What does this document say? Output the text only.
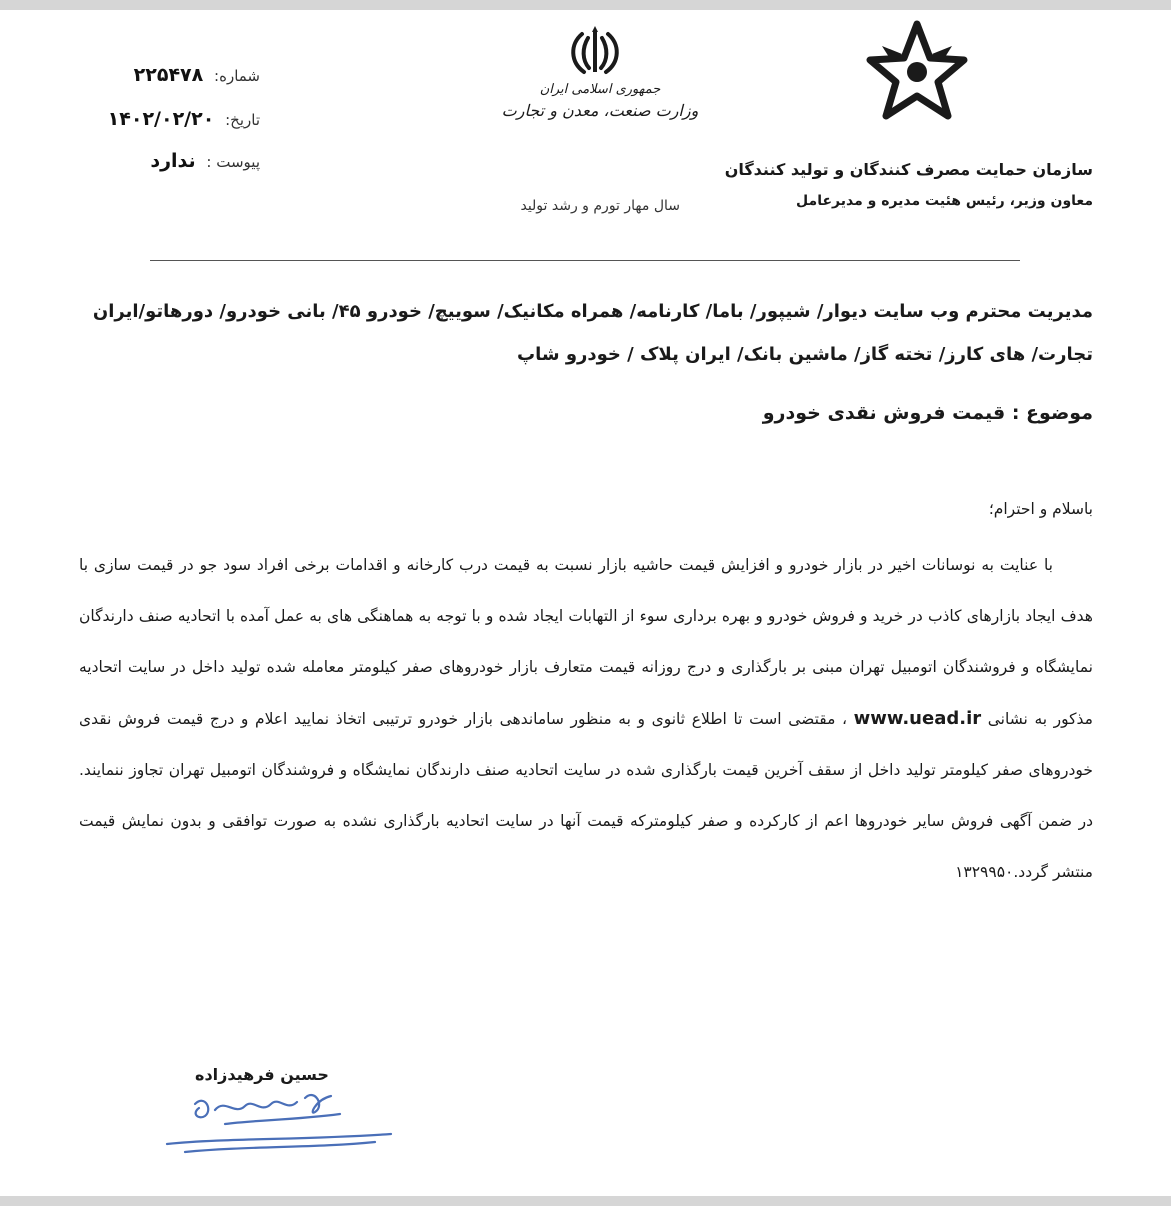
شماره: ۲۲۵۴۷۸
تاریخ: ۱۴۰۲/۰۲/۲۰
پیوست : ندارد
جمهوری اسلامی ایران
وزارت صنعت، معدن و تجارت
سال مهار تورم و رشد تولید
سازمان حمایت مصرف کنندگان و تولید کنندگان
معاون وزیر، رئیس هئیت مدیره و مدیرعامل
مدیریت محترم وب سایت دیوار/ شیپور/ باما/ کارنامه/ همراه مکانیک/ سوییچ/ خودرو ۴۵/ بانی خودرو/ دورهاتو/ایران تجارت/ های کارز/ تخته گاز/ ماشین بانک/ ایران پلاک / خودرو شاپ
موضوع : قیمت فروش نقدی خودرو
باسلام و احترام؛
با عنایت به نوسانات اخیر در بازار خودرو و افزایش قیمت حاشیه بازار نسبت به قیمت درب کارخانه و اقدامات برخی افراد سود جو در قیمت سازی با هدف ایجاد بازارهای کاذب در خرید و فروش خودرو و بهره برداری سوء از التهابات ایجاد شده و با توجه به هماهنگی های به عمل آمده با اتحادیه صنف دارندگان نمایشگاه و فروشندگان اتومبیل تهران مبنی بر بارگذاری و درج روزانه قیمت متعارف بازار خودروهای صفر کیلومتر معامله شده تولید داخل در سایت اتحادیه مذکور به نشانی www.uead.ir ، مقتضی است تا اطلاع ثانوی و به منظور ساماندهی بازار خودرو ترتیبی اتخاذ نمایید اعلام و درج قیمت فروش نقدی خودروهای صفر کیلومتر تولید داخل از سقف آخرین قیمت بارگذاری شده در سایت اتحادیه صنف دارندگان نمایشگاه و فروشندگان اتومبیل تهران تجاوز ننمایند. در ضمن آگهی فروش سایر خودروها اعم از کارکرده و صفر کیلومترکه قیمت آنها در سایت اتحادیه بارگذاری نشده به صورت توافقی و بدون نمایش قیمت منتشر گردد.۱۳۲۹۹۵۰
حسین فرهیدزاده
